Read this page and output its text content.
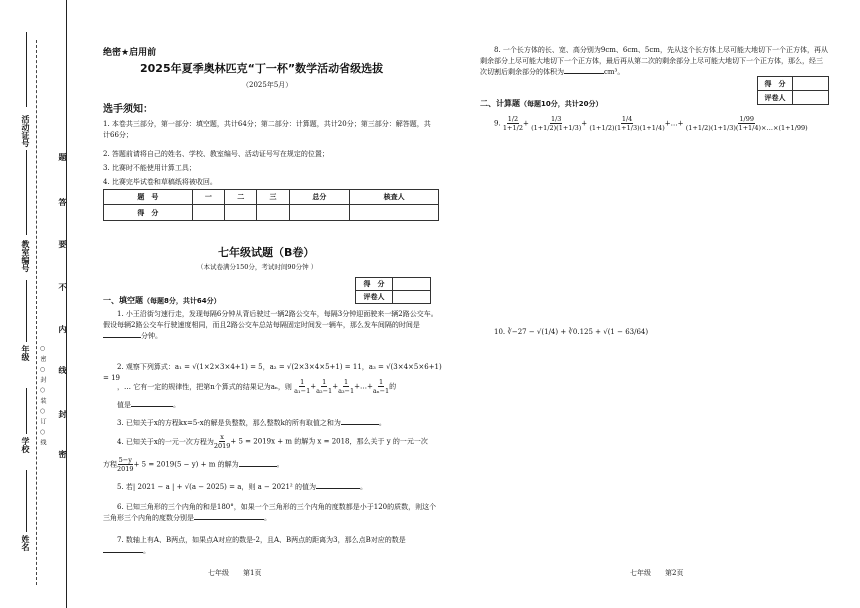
活动证号
教室编号
年级
学校
姓名
○ 密 ○ 封 ○ 装 ○ 订 ○ 线
题
答
要
不
内
线
封
密
绝密★启用前
2025年夏季奥林匹克“丁一杯”数学活动省级选拔
（2025年5月）
选手须知：
1. 本卷共三部分，第一部分：填空题，共计64分；第二部分：计算题，共计20分；第三部分：解答题，共计66分；
2. 答题前请将自己的姓名、学校、教室编号、活动证号写在规定的位置；
3. 比赛时不能使用计算工具；
4. 比赛完毕试卷和草稿纸将被收回。
题　号	一	二	三	总分	核查人
得　分					
七年级试题（B卷）
（本试卷满分150分，考试时间90分钟 ）
得　分	
评卷人	
一、填空题（每题8分，共计64分）
1. 小王沿街匀速行走，发现每隔6分钟从背后驶过一辆2路公交车，每隔3分钟迎面驶来一辆2路公交车。假设每辆2路公交车行驶速度相同，而且2路公交车总站每隔固定时间发一辆车，那么发车间隔的时间是分钟。
2. 观察下列算式：a₁ = √(1×2×3×4+1) = 5，a₂ = √(2×3×4×5+1) = 11，a₃ = √(3×4×5×6+1) = 19
，… 它有一定的规律性，把第n个算式的结果记为aₙ，则 $\frac{1}{\text{a₁−1}} + \frac{1}{\text{a₂−1}} + \frac{1}{\text{a₃−1}}$ +…+ $\frac{1}{\text{aₙ−1}}$ 的
值是	。
3. 已知关于x的方程kx=5-x的解是负整数，那么整数k的所有取值之和为	。
4. 已知关于x的一元一次方程为 $\frac{x}{2019} + 5 = 2019x + m$ 的解为 x = 2018，那么关于 y 的一元一次
方程 $\frac{5-y}{2019} + 5 = 2019(5 - y) + m$ 的解为	。
5. 若| 2021 − a | + √(a − 2025) = a，则 a − 2021² 的值为	。
6. 已知三角形的三个内角的和是180°，如果一个三角形的三个内角的度数都是小于120的质数，则这个三角形三个内角的度数分别是	。
7. 数轴上有A、B两点，如果点A对应的数是-2，且A、B两点的距离为3，那么点B对应的数是。
七年级　　第1页
8. 一个长方体的长、宽、高分别为9cm、6cm、5cm，先从这个长方体上尽可能大地切下一个正方体，再从剩余部分上尽可能大地切下一个正方体，最后再从第二次的剩余部分上尽可能大地切下一个正方体，那么，经三次切割后剩余部分的体积为	cm³。
得　分	
评卷人	
二、计算题（每题10分，共计20分）
9. $\frac{1/2}{1+1/2} + \frac{1/3}{(1+1/2)(1+1/3)} + \frac{1/4}{(1+1/2)(1+1/3)(1+1/4)}$ +…+ $\frac{1/99}{(1+1/2)(1+1/3)(1+1/4)\times\dots\times(1+1/99)}$
10. ∛−27 − √(1/4) + ∛0.125 + √(1 − 63/64)
七年级　　第2页
